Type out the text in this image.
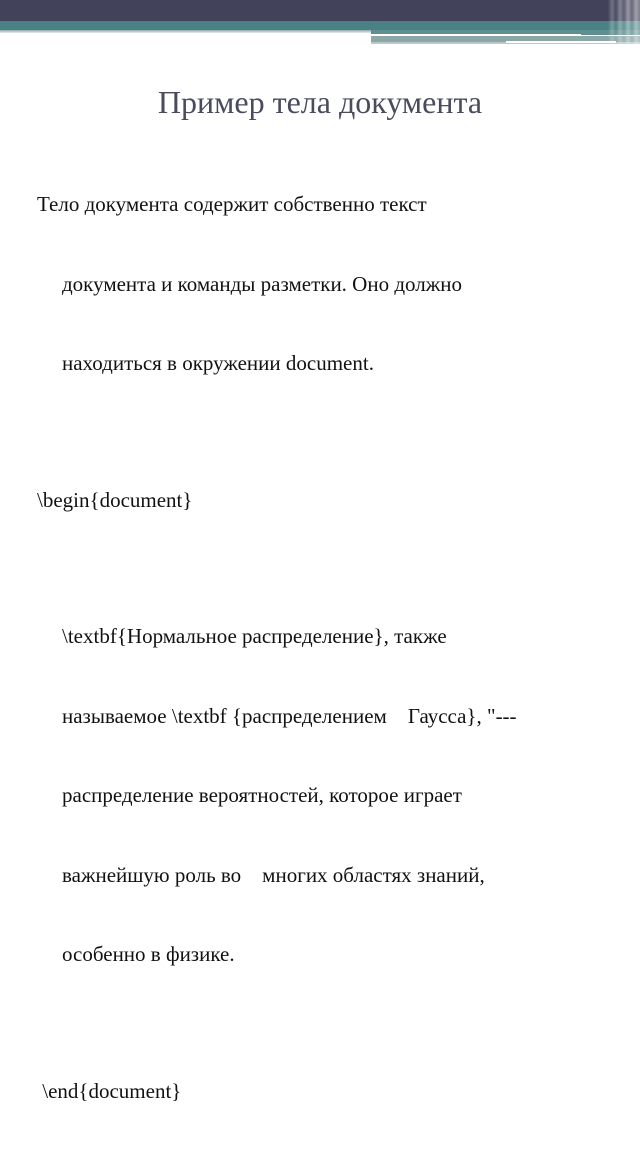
Пример тела документа

Тело документа содержит собственно текст

документа и команды разметки. Оно должно

находиться в окружении document.

\begin{document}

\textbf{Нормальное распределение}, также

называемое \textbf {распределением    Гаусса}, "---

распределение вероятностей, которое играет

важнейшую роль во    многих областях знаний,

особенно в физике.

\end{document}
